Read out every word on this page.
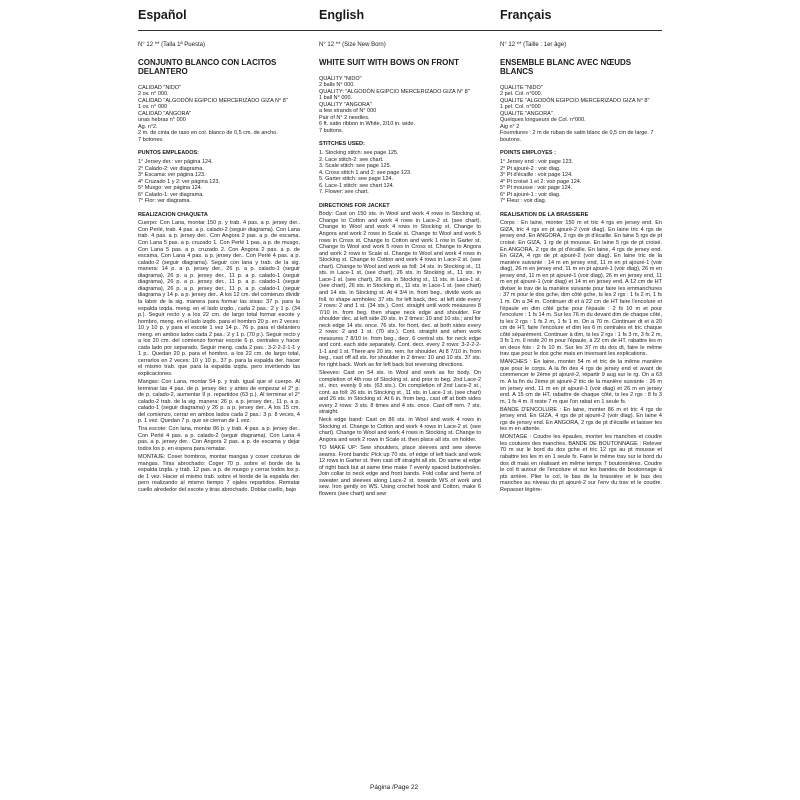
Español	English	Français
N° 12 ** (Talla 1ª Puesta)
CONJUNTO BLANCO CON LACITOS DELANTERO

CALIDAD "NIDO"

2 ov. n° 000.

CALIDAD "ALGODÓN EGIPCIO MERCERIZADO GIZA N° 8"

1 ov. n° 000

CALIDAD "ANGORA"

unas hebras n° 000

Ag. n°2.

2 m. de cinta de raso en col. blanco de 0,5 cm. de ancho.

7 botones.

PUNTOS EMPLEADOS:
1° Jersey der.: ver página 124.
2° Calado-2: ver diagrama.
3° Escama: ver página 123.
4° Cruzado 1 y 2: ver página 123.
5° Musgo: ver página 124.
6° Calado-1: ver diagrama.
7° Flor: ver diagrama.
REALIZACION CHAQUETA

Cuerpo: Con Lana, montar 150 p. y trab. 4 pas. a p. jersey der.. Con Perlé, trab. 4 pas. a p. calado-2 (seguir diagrama). Con Lana trab. 4 pas. a p. jersey der.. Con Angora 2 pas. a p. de escama. Con Lana 5 pas. a p. cruzado 1. Con Perlé 1 pas. a p. de musgo. Con Lana 5 pas. a p. cruzado 2. Con Angora 2 pas. a p. de escama. Con Lana 4 pas. a p. jersey der.. Con Perlé 4 pas. a p. calado-2 (seguir diagrama). Seguir con lana y trab. de la sig. manera: 14 p. a p. jersey der., 26 p. a p. calado-1 (seguir diagrama), 26 p. a p. jersey der., 11 p. a p. calado-1 (seguir diagrama), 26 p. a p. jersey der., 11 p. a p. calado-1 (seguir diagrama), 26 p. a p. jersey der., 11 p. a p. calado-1 (seguir diagrama y 14 p. a p. jersey der.. A los 12 cm. del comienzo dividir la labor de la sig. manera para formar las sisas: 37 p. para la espalda izqda. meng. en el lado izqdo., cada 2 pas.: 2 y 1 p. (34 p.). Seguir recto y a los 22 cm. de largo total formar escote y hombro, meng. en el lado izqdo. para el hombro 20 p. en 2 veces: 10 y 10 p. y para el escote 1 vez 14 p.. 76 p. para el delantero meng. en ambos lados cada 2 pas.: 2 y 1 p. (70 p.). Seguir recto y a los 20 cm. del comienzo formar escote 6 p. centrales y hacer cada lado por separado. Seguir meng. cada 2 pas.: 3-2-2-2-1-1 y 1 p.. Quedan 20 p. para el hombro, a los 22 cm. de largo total, cerrarlos en 2 veces: 10 y 10 p.. 37 p. para la espalda der. hacer el mismo trab. que para la espalda izqda. pero invirtiendo las explicaciones.

Mangas: Con Lana, montar 54 p. y trab. igual que el cuerpo. Al terminar las 4 pas. de p. jersey der. y antes de empezar el 2° p. de p. calado-2, aumentar 9 p. repartidos (63 p.). Al terminar el 2° calado-2 trab. de la sig. manera: 26 p. a p. jersey der., 11 p. a p. calado-1 (seguir diagrama) y 26 p. a p. jersey der.. A los 15 cm. del comienzo, cerrar en ambos lados cada 2 pas.: 3 p. 8 veces, 4 p. 1 vez. Quedan 7 p. que se cierran de 1 vez.

Tira escote: Con lana, montar 86 p. y trab. 4 pas. a p. jersey der.. Con Perlé 4 pas. a p. calado-2 (seguir diagrama). Con Lana 4 pas. a p. jersey der.. Con Angora 2 pas. a p. de escama y dejar todos los p. en espera para rematar.

MONTAJE: Coser hombros, montar mangas y coser costuras de mangas. Tiras abrochado: Coger 70 p. sobre el borde de la espalda izqda. y trab. 12 pas. a p. de musgo y cerrar todos los p. de 1 vez. Hacer el mismo trab. sobre el borde de la espalda der. pero realizando al mismo tiempo 7 ojales repartidos. Rematar cuello alrededor del escote y tiras abrochado. Doblar cuello, bajo

N° 12 ** (Size New Born)
WHITE SUIT WITH BOWS ON FRONT

QUALITY "NIDO"

2 balls N° 000.

QUALITY: "ALGODÓN EGIPCIO MERCERIZADO GIZA N° 8"

1 ball N° 000.

QUALITY "ANGORA"

a few strands of N° 000

Pair of N° 2 needles.

6 ft. satin ribbon in White, 2/10 in. wide.

7 buttons.

STITCHES USED:
1. Stocking stitch: see page 125.
2. Lace stitch-2: see chart.
3. Scale stitch: see page 125.
4. Cross stitch 1 and 2: see page 123.
5. Garter stitch: see page 124.
6. Lace-1 stitch: see chart 124.
7. Flower: see chart.
DIRECTIONS FOR JACKET

Body: Cast on 150 sts. in Wool and work 4 rows in Stocking st. Change to Cotton and work 4 rows in Lace-2 st. (see chart). Change to Wool and work 4 rows in Stocking st. Change to Angora and work 2 rows in Scale st. Change to Wool and work 5 rows in Cross st. Change to Cotton and work 1 row in Garter st. Change to Wool and work 5 rows in Cross st. Change to Angora and work 2 rows in Scale st. Change to Wool and work 4 rows in Stocking st. Change to Cotton and work 4 rows in Lace-2 st. (see chart). Change to Wool and work as foll: 14 sts. in Stocking st., 11 sts. in Lace-1 st. (see chart), 26 sts. in Stocking st., 11 sts. in Lace-1 st. (see chart), 26 sts. in Stocking st., 11 sts. in Lace-1 st. (see chart), 26 sts. in Stocking st., 11 sts. in Lace-1 st. (see chart) and 14 sts. in Stocking st. At 4 3/4 in. from beg., divide work as foll. to shape armholes: 37 sts. for left back, dec. at left side every 2 rows: 2 and 1 st. (34 sts.). Cont. straight until work measures 8 7/10 in. from beg. then shape neck edge and shoulder. For shoulder dec. at left side 20 sts. in 2 times: 10 and 10 sts.; and for neck edge 14 sts. once. 76 sts. for front, dec. at both sides every 2 rows: 2 and 1 st. (70 sts.). Cont. straight and when work measures 7 8/10 in. from beg., decr. 6 central sts. for neck edge and cont. each side separately. Cont. decr. every 2 rows: 3-2-2-2-1-1 and 1 st. There are 20 sts. rem. for shoulder. At 8 7/10 in. from beg., cast off all sts. for shoulder in 2 times: 10 and 10 sts. 37 sts. for right back. Work as for left back but reversing directions.

Sleeves: Cast on 54 sts. in Wool and work as for body. On completion of 4th row of Stocking st. and prior to beg. 2nd Lace-2 st., incr. evenly 9 sts. (63 sts.). On completion of 2nd Lace-2 st., cont. as foll: 26 sts. in Stocking st., 11 sts. in Lace-1 st. (see chart) and 26 sts. in Stocking st. At 6 in. from beg., cast off at both sides every 2 rows: 3 sts. 8 times and 4 sts. once. Cast off rem. 7 sts. straight.

Neck edge band: Cast on 86 sts. in Wool and work 4 rows in Stocking st. Change to Cotton and work 4 rows in Lace-2 st. (see chart). Change to Wool and work 4 rows in Stocking st. Change to Angora and work 2 rows in Scale st. then place all sts. on holder.

TO MAKE UP: Sew shoulders, place sleeves and sew sleeve seams. Front bands: Pick up 70 sts. of edge of left back and work 12 rows in Garter st. then cast off straight all sts. Do same at edge of right back but at same time make 7 evenly spaced buttonholes. Join collar to neck edge and front bands. Fold collar and hems of sweater and sleeves along Lace-2 st. towards WS of work and sew. Iron gently on WS. Using crochet hook and Cotton, make 6 flowers (see chart) and sew

N° 12 ** (Taille : 1er âge)
ENSEMBLE BLANC AVEC NŒUDS BLANCS

QUALITE "NIDO"

2 pel. Col. n°000.

QUALITE "ALGODÓN EGIPCIO MERCERIZADO GIZA N° 8"

1 pel. Col. n°000

QUALITE "ANGORA"

Quelques longueurs de Col. n°000.

Aig n° 2

Fournitures : 2 m de ruban de satin blanc de 0,5 cm de large. 7 boutons.

POINTS EMPLOYES :
1° Jersey end : voir page 123.
2° Pt ajouré-2 : voir diag.
3° Pt d'écaille : voir page 124.
4° Pt croisé 1 et 2: voir page 124.
5° Pt mousse : voir page 124.
6° Pt ajouré-1 : voir diag.
7° Fleur : voir diag.
REALISATION DE LA BRASSIERE

Corps : En laine, monter 150 m et tric 4 rgs en jersey end. En GIZA, tric 4 rgs en pt ajouré-2 (voir diag). En laine tric 4 rgs de jersey end. En ANGORA, 2 rgs de pt d'écaille. En laine 5 rgs de pt croisé. En GIZA, 1 rg de pt mousse. En laine 5 rgs de pt croisé. En ANGORA, 2 rgs de pt d'écaille. En laine, 4 rgs de jersey end. En GIZA, 4 rgs de pt ajouré-2 (voir diag). En laine tric de la manière suivante : 14 m en jersey end, 11 m en pt ajouré-1 (voir diag), 26 m en jersey end, 11 m en pt ajouré-1 (voir diag), 26 m en jersey end, 11 m en pt ajouré-1 (voir diag), 26 m en jersey end, 11 m en pt ajouré-1 (voir diag) et 14 m en jersey end. A 12 cm de HT diviser le trav de la manière suivante pour faire les emmanchures : 37 m pour le dos gche, dim côté gche, ts les 2 rgs : 1 fs 2 m, 1 fs 1 m. On a 34 m. Continuer dt et à 22 cm de HT faire l'encolure et l'épaule en dim côté gche pour l'épaule : 2 fs 10 m et pour l'encolure : 1 fs 14 m. Sur les 76 m du devant dim de chaque côté, ts les 2 rgs : 1 fs 2 m, 1 fs 1 m. On a 70 m. Continuer dt et à 20 cm de HT, faire l'encolure et dim les 6 m centrales et tric chaque côté séparément. Continuer à dim, ts les 2 rgs : 1 fs 3 m, 3 fs 2 m, 3 fs 1 m. Il reste 20 m pour l'épaule, à 22 cm de HT, rabattre les m en deux fois : 2 fs 10 m. Sur les 37 m du dos dt, faire le même trav que pour le dos gche mais en inversant les explications.

MANCHES : En laine, monter 54 m et tric de la même manière que pour le corps. A la fin des 4 rgs de jersey end et avant de commencer le 2ème pt ajouré-2, répartir 9 aug sur le rg. On a 63 m. A la fin du 2ème pt ajouré-2 tric de la manière suivante : 26 m en jersey end, 11 m en pt ajouré-1 (voir diag) et 26 m en jersey end. A 15 cm de HT, rabattre de chaque côté, ts les 2 rgs : 8 fs 3 m, 1 fs 4 m. Il reste 7 m que l'on rabat en 1 seule fs.

BANDE D'ENCOLURE : En laine, monter 86 m et tric 4 rgs de jersey end. En GIZA, 4 rgs de pt ajouré-2 (voir diag). En laine 4 rgs de jersey end. En ANGORA, 2 rgs de pt d'écaille et laisser tes les m en attente.

MONTAGE : Coudre les épaules, monter les manches et coudre les coutures des manches. BANDE DE BOUTONNAGE : Relever 70 m sur le bord du dos gche et tric 12 rgs au pt mousse et rabattre tes les m en 1 seule fs. Faire le même trav sur le bord du dos dt mais en réalisant en même temps 7 boutonnières. Coudre le col tt autour de l'encolure et sur les bandes de boutonnage à pts arrière. Plier le col, le bas de la brassière et le bas des manches au niveau du pt ajouré-2 sur l'env du trav et le coudre. Repasser légère-

Página /Page 22
